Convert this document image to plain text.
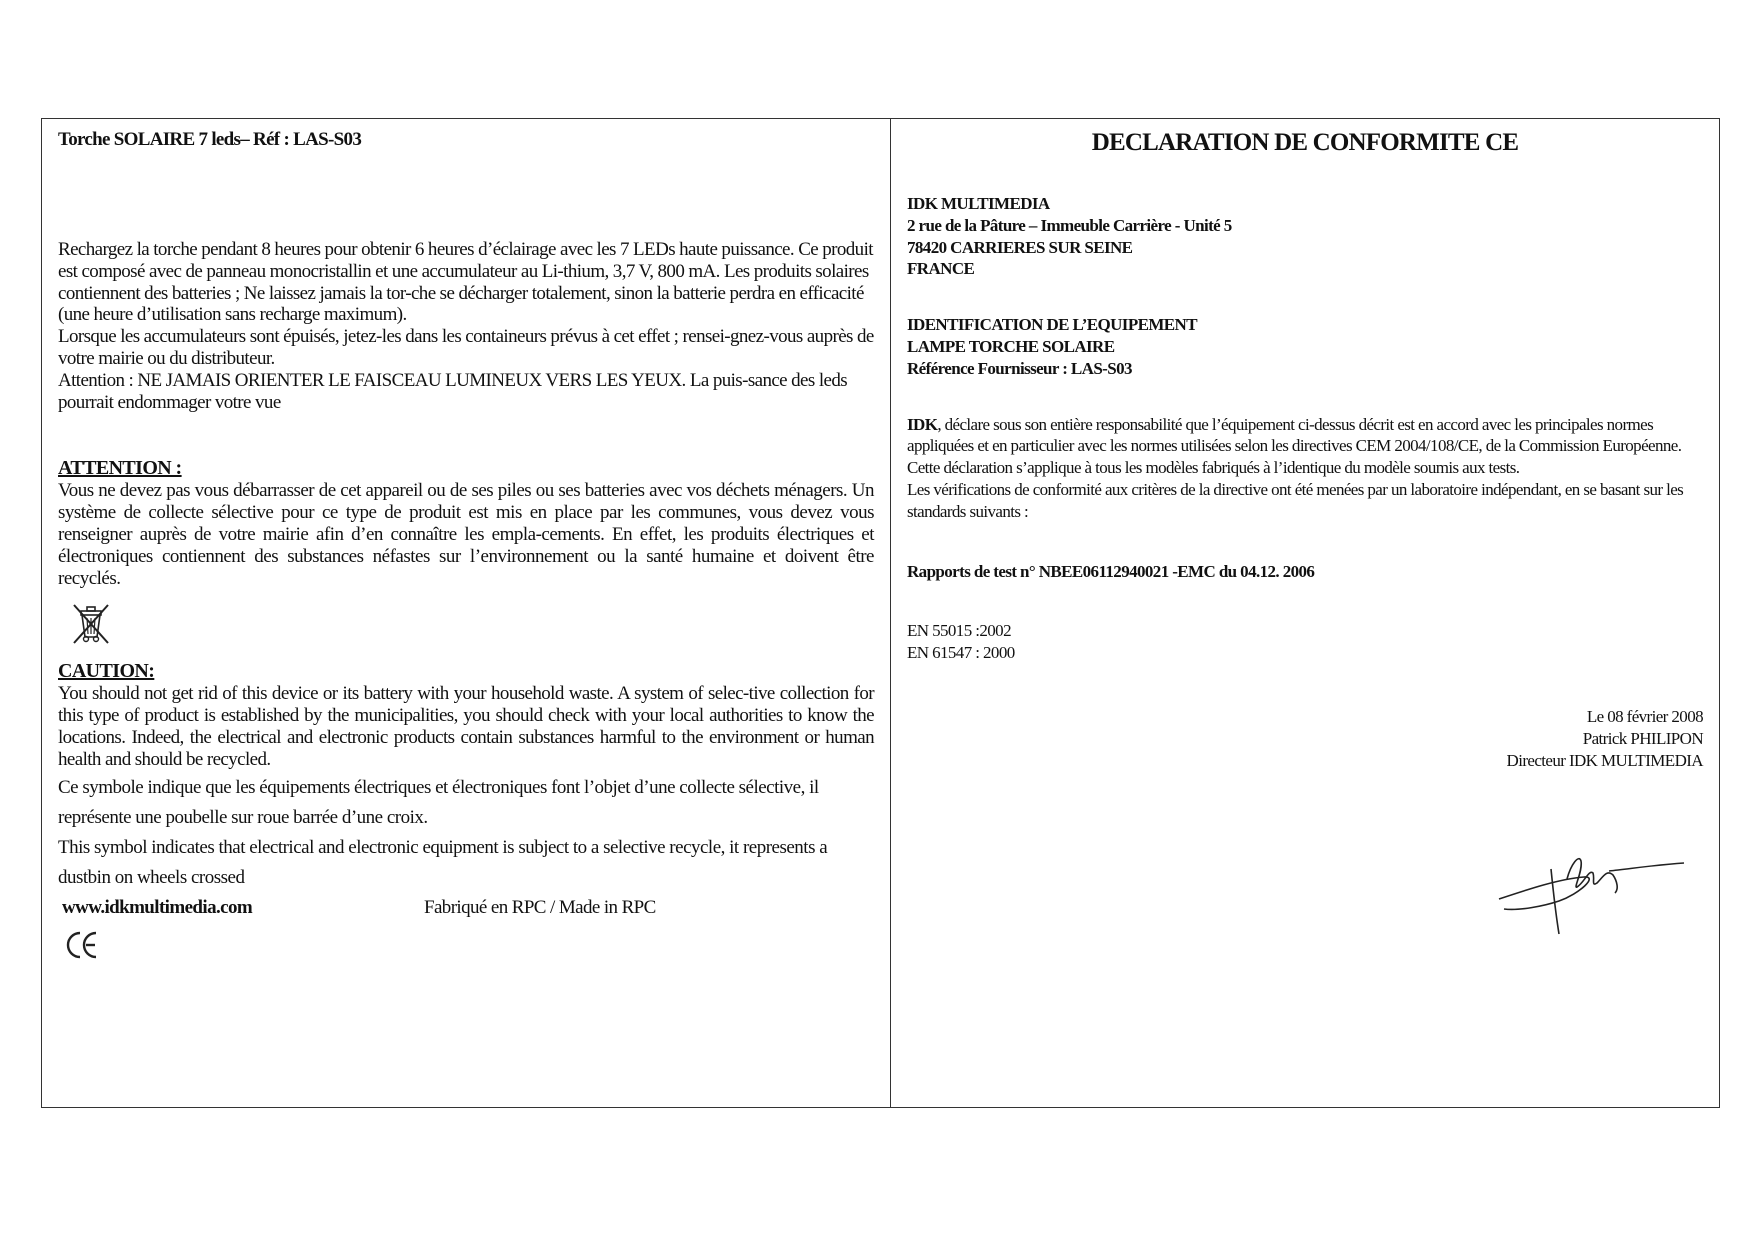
Torche SOLAIRE 7 leds– Réf : LAS-S03

Rechargez la torche pendant 8 heures pour obtenir 6 heures d’éclairage avec les 7 LEDs haute puissance. Ce produit est composé avec de panneau monocristallin et une accumulateur au Li-thium, 3,7 V, 800 mA. Les produits solaires contiennent des batteries ; Ne laissez jamais la tor-che se décharger totalement, sinon la batterie perdra en efficacité (une heure d’utilisation sans recharge maximum).

Lorsque les accumulateurs sont épuisés, jetez-les dans les containeurs prévus à cet effet ; rensei-gnez-vous auprès de votre mairie ou du distributeur.

Attention : NE JAMAIS ORIENTER LE FAISCEAU LUMINEUX VERS LES YEUX. La puis-sance des leds pourrait endommager votre vue

ATTENTION :

Vous ne devez pas vous débarrasser de cet appareil ou de ses piles ou ses batteries avec vos déchets ménagers. Un système de collecte sélective pour ce type de produit est mis en place par les communes, vous devez vous renseigner auprès de votre mairie afin d’en connaître les empla-cements. En effet, les produits électriques et électroniques contiennent des substances néfastes sur l’environnement ou la santé humaine et doivent être recyclés.

CAUTION:

You should not get rid of this device or its battery with your household waste. A system of selec-tive collection for this type of product is established by the municipalities, you should check with your local authorities to know the locations. Indeed, the electrical and electronic products contain substances harmful to the environment or human health and should be recycled.
Ce symbole indique que les équipements électriques et électroniques font l’objet d’une collecte sélective, il représente une poubelle sur roue barrée d’une croix.
This symbol indicates that electrical and electronic equipment is subject to a selective recycle, it represents a dustbin on wheels crossed
www.idkmultimedia.com	Fabriqué en RPC / Made in RPC

DECLARATION DE CONFORMITE CE

IDK MULTIMEDIA

2 rue de la Pâture – Immeuble Carrière - Unité 5

78420 CARRIERES SUR SEINE

FRANCE

IDENTIFICATION DE L’EQUIPEMENT

LAMPE TORCHE SOLAIRE

Référence Fournisseur : LAS-S03

IDK, déclare sous son entière responsabilité que l’équipement ci-dessus décrit est en accord avec les principales normes appliquées et en particulier avec les normes utilisées selon les directives CEM 2004/108/CE, de la Commission Européenne.

Cette déclaration s’applique à tous les modèles fabriqués à l’identique du modèle soumis aux tests.

Les vérifications de conformité aux critères de la directive ont été menées par un laboratoire indépendant, en se basant sur les standards suivants :

Rapports de test n° NBEE06112940021 -EMC du 04.12. 2006

EN 55015 :2002

EN 61547 : 2000

Le 08 février 2008

Patrick PHILIPON

Directeur IDK MULTIMEDIA
